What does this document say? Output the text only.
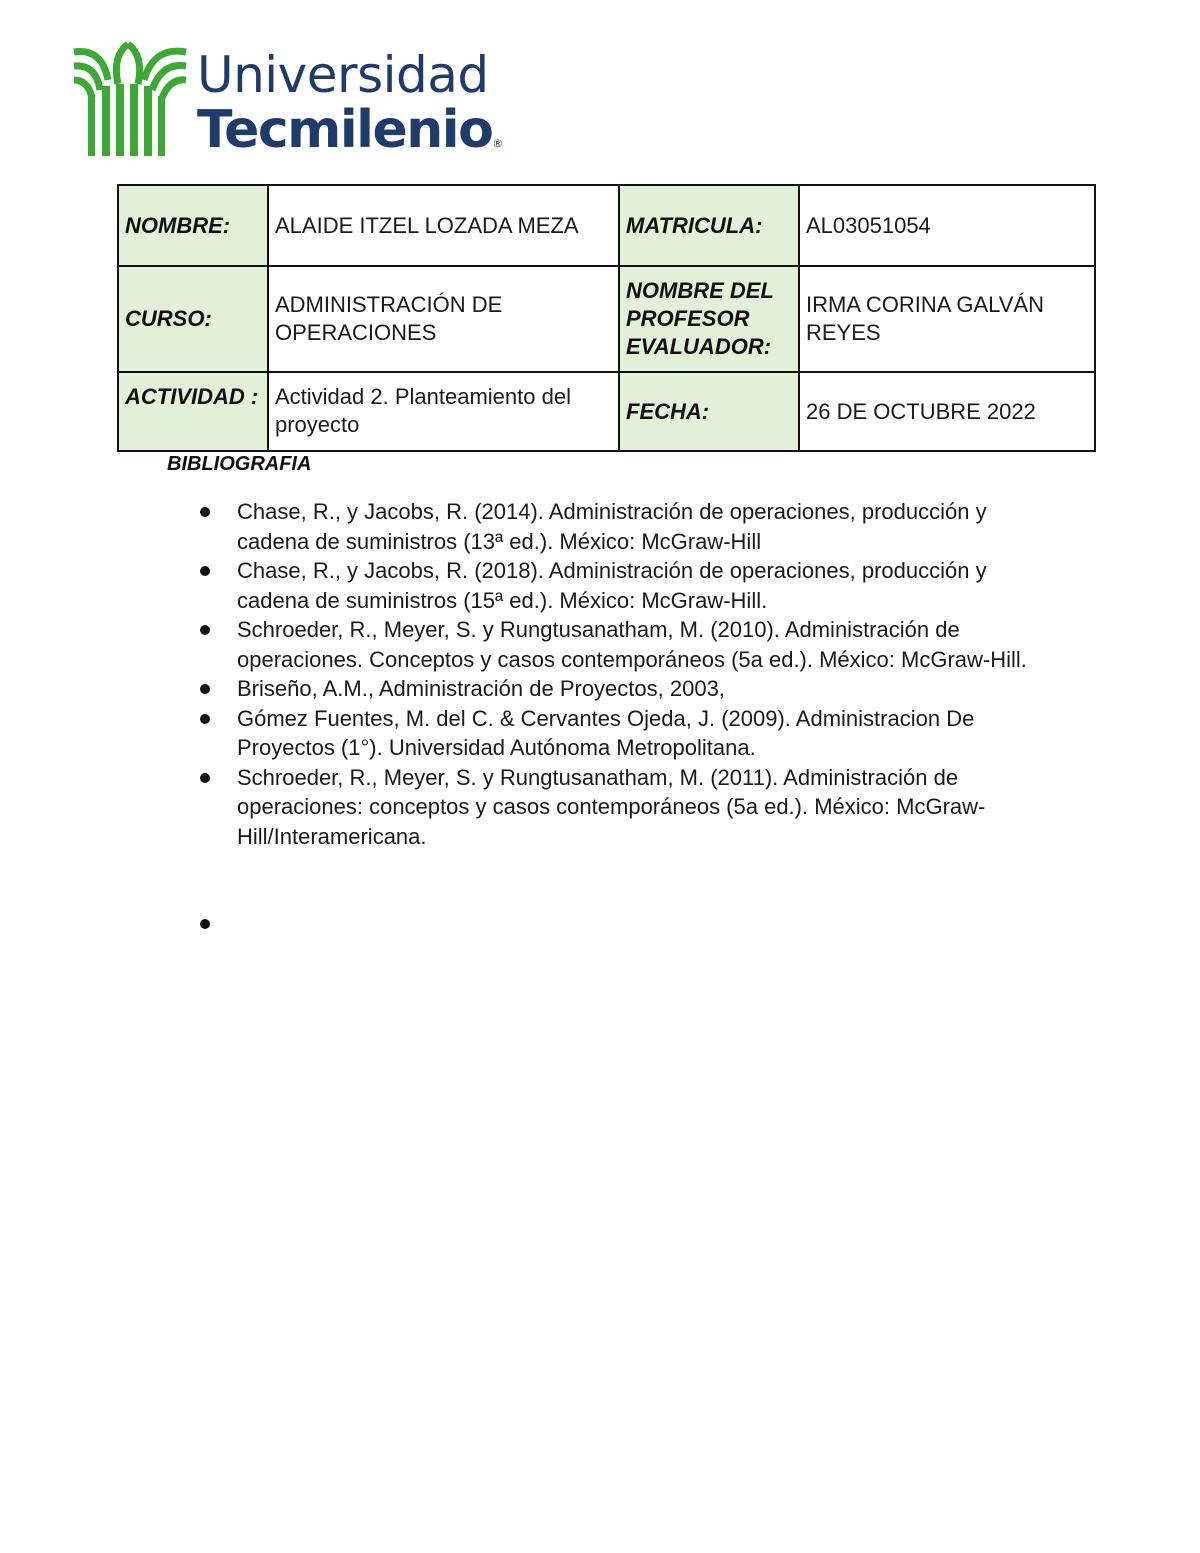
Universidad
Tecmilenio®
NOMBRE:	ALAIDE ITZEL LOZADA MEZA	MATRICULA:	AL03051054
CURSO:	ADMINISTRACIÓN DE OPERACIONES	NOMBRE DEL PROFESOR EVALUADOR:	IRMA CORINA GALVÁN REYES
ACTIVIDAD :	Actividad 2. Planteamiento del proyecto	FECHA:	26 DE OCTUBRE 2022
BIBLIOGRAFIA
Chase, R., y Jacobs, R. (2014). Administración de operaciones, producción y cadena de suministros (13ª ed.). México: McGraw-Hill
Chase, R., y Jacobs, R. (2018). Administración de operaciones, producción y cadena de suministros (15ª ed.). México: McGraw-Hill.
Schroeder, R., Meyer, S. y Rungtusanatham, M. (2010). Administración de operaciones. Conceptos y casos contemporáneos (5a ed.). México: McGraw-Hill.
Briseño, A.M., Administración de Proyectos, 2003,
Gómez Fuentes, M. del C. & Cervantes Ojeda, J. (2009). Administracion De Proyectos (1°). Universidad Autónoma Metropolitana.
Schroeder, R., Meyer, S. y Rungtusanatham, M. (2011). Administración de operaciones: conceptos y casos contemporáneos (5a ed.). México: McGraw-Hill/Interamericana.
